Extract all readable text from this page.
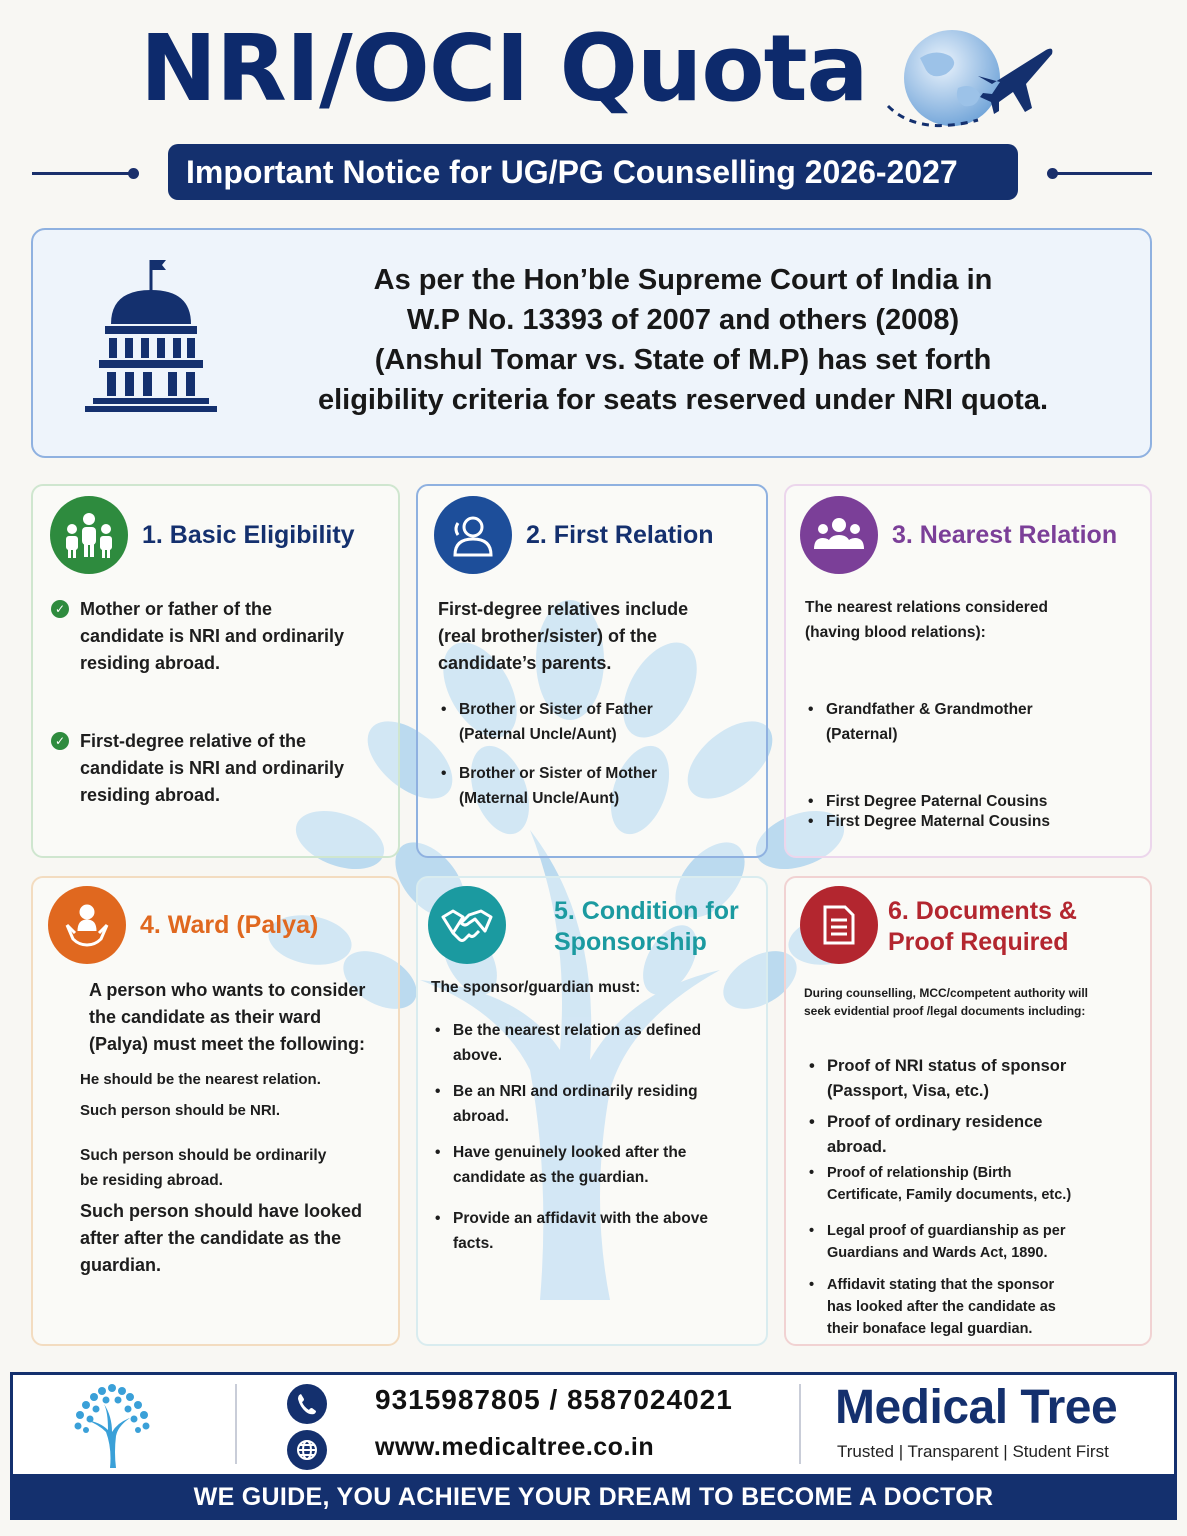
NRI/OCI Quota
Important Notice for UG/PG Counselling 2026-2027
As per the Hon’ble Supreme Court of India in
W.P No. 13393 of 2007 and others (2008)
(Anshul Tomar vs. State of M.P) has set forth
eligibility criteria for seats reserved under NRI quota.
1. Basic Eligibility
✓ Mother or father of the
candidate is NRI and ordinarily
residing abroad.
✓ First-degree relative of the
candidate is NRI and ordinarily
residing abroad.
2. First Relation
First-degree relatives include
(real brother/sister) of the
candidate’s parents.
• Brother or Sister of Father
(Paternal Uncle/Aunt)
• Brother or Sister of Mother
(Maternal Uncle/Aunt)
3. Nearest Relation
The nearest relations considered
(having blood relations):
• Grandfather & Grandmother
(Paternal)
• First Degree Paternal Cousins
• First Degree Maternal Cousins
4. Ward (Palya)
A person who wants to consider
the candidate as their ward
(Palya) must meet the following:
He should be the nearest relation.
Such person should be NRI.
Such person should be ordinarily
be residing abroad.
Such person should have looked
after after the candidate as the
guardian.
5. Condition for
Sponsorship
The sponsor/guardian must:
• Be the nearest relation as defined
above.
• Be an NRI and ordinarily residing
abroad.
• Have genuinely looked after the
candidate as the guardian.
• Provide an affidavit with the above
facts.
6. Documents &
Proof Required
During counselling, MCC/competent authority will
seek evidential proof /legal documents including:
• Proof of NRI status of sponsor
(Passport, Visa, etc.)
• Proof of ordinary residence
abroad.
• Proof of relationship (Birth
Certificate, Family documents, etc.)
• Legal proof of guardianship as per
Guardians and Wards Act, 1890.
• Affidavit stating that the sponsor
has looked after the candidate as
their bonaface legal guardian.
9315987805 / 8587024021
www.medicaltree.co.in
Medical Tree
Trusted | Transparent | Student First
WE GUIDE, YOU ACHIEVE YOUR DREAM TO BECOME A DOCTOR
